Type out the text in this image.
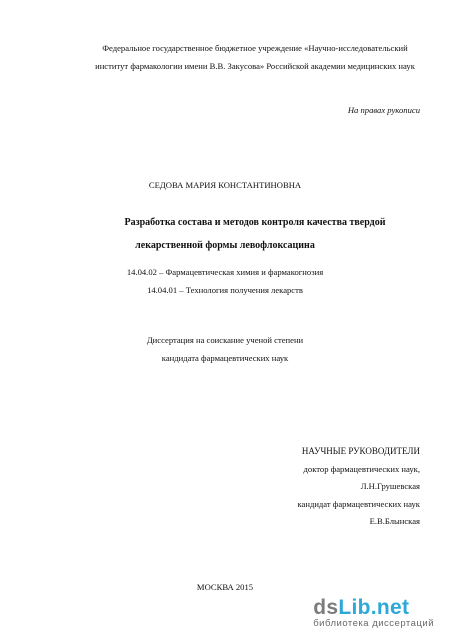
Федеральное государственное бюджетное учреждение «Научно-исследовательский
институт фармакологии имени В.В. Закусова» Российской академии медицинских наук
На правах рукописи
СЕДОВА МАРИЯ КОНСТАНТИНОВНА
Разработка состава и методов контроля качества твердой
лекарственной формы левофлоксацина
14.04.02 – Фармацевтическая химия и фармакогнозия
14.04.01 – Технология получения лекарств
Диссертация на соискание ученой степени
кандидата фармацевтических наук
НАУЧНЫЕ РУКОВОДИТЕЛИ
доктор фармацевтических наук,
Л.Н.Грушевская
кандидат фармацевтических наук
Е.В.Блынская
МОСКВА 2015
dsLib.net
библиотека диссертаций
